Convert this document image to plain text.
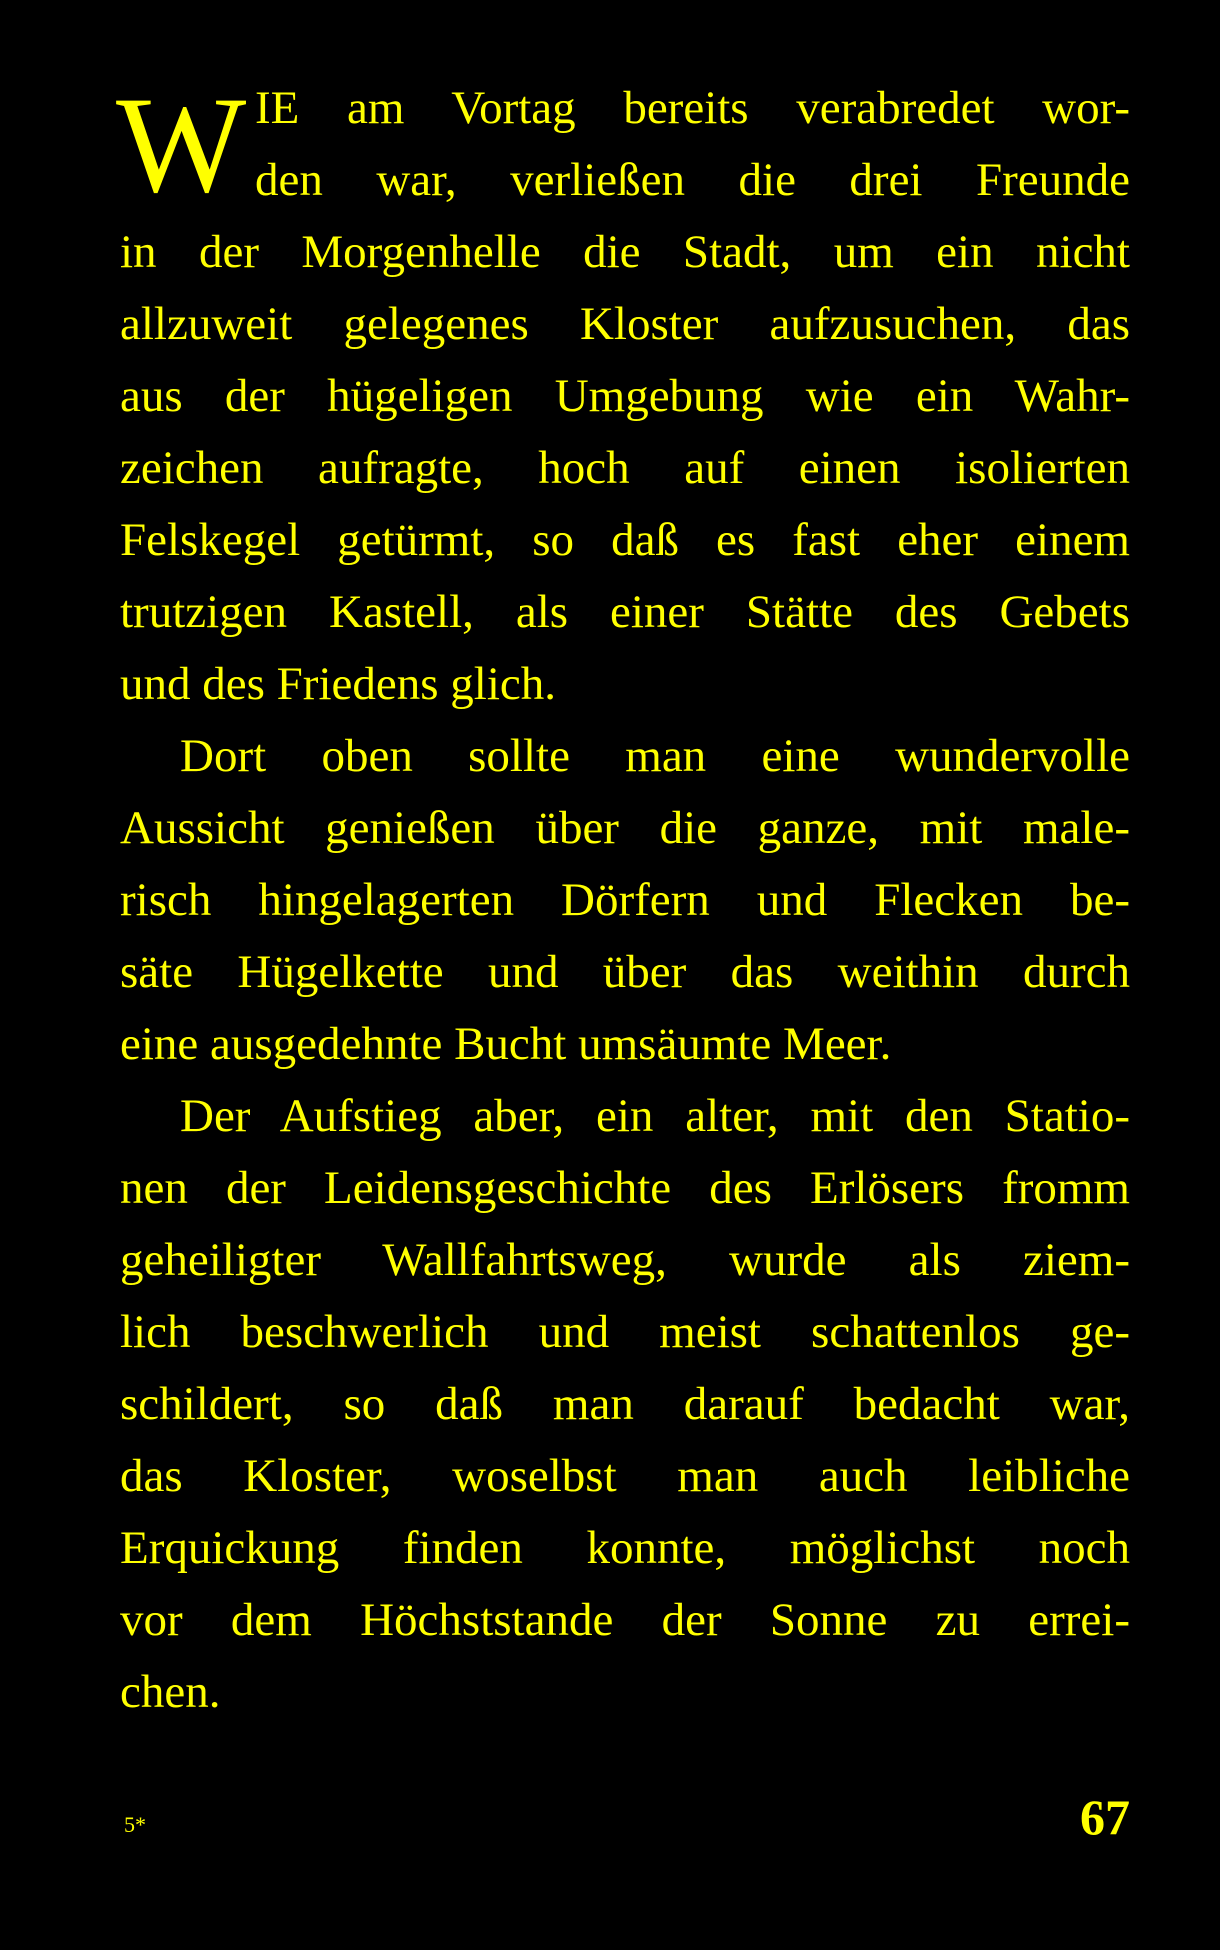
W IE am Vortag bereits verabredet wor-
den war, verließen die drei Freunde
in der Morgenhelle die Stadt, um ein nicht
allzuweit gelegenes Kloster aufzusuchen, das
aus der hügeligen Umgebung wie ein Wahr-
zeichen aufragte, hoch auf einen isolierten
Felskegel getürmt, so daß es fast eher einem
trutzigen Kastell, als einer Stätte des Gebets
und des Friedens glich.
Dort oben sollte man eine wundervolle
Aussicht genießen über die ganze, mit male-
risch hingelagerten Dörfern und Flecken be-
säte Hügelkette und über das weithin durch
eine ausgedehnte Bucht umsäumte Meer.
Der Aufstieg aber, ein alter, mit den Statio-
nen der Leidensgeschichte des Erlösers fromm
geheiligter Wallfahrtsweg, wurde als ziem-
lich beschwerlich und meist schattenlos ge-
schildert, so daß man darauf bedacht war,
das Kloster, woselbst man auch leibliche
Erquickung finden konnte, möglichst noch
vor dem Höchststande der Sonne zu errei-
chen.
5*	67
